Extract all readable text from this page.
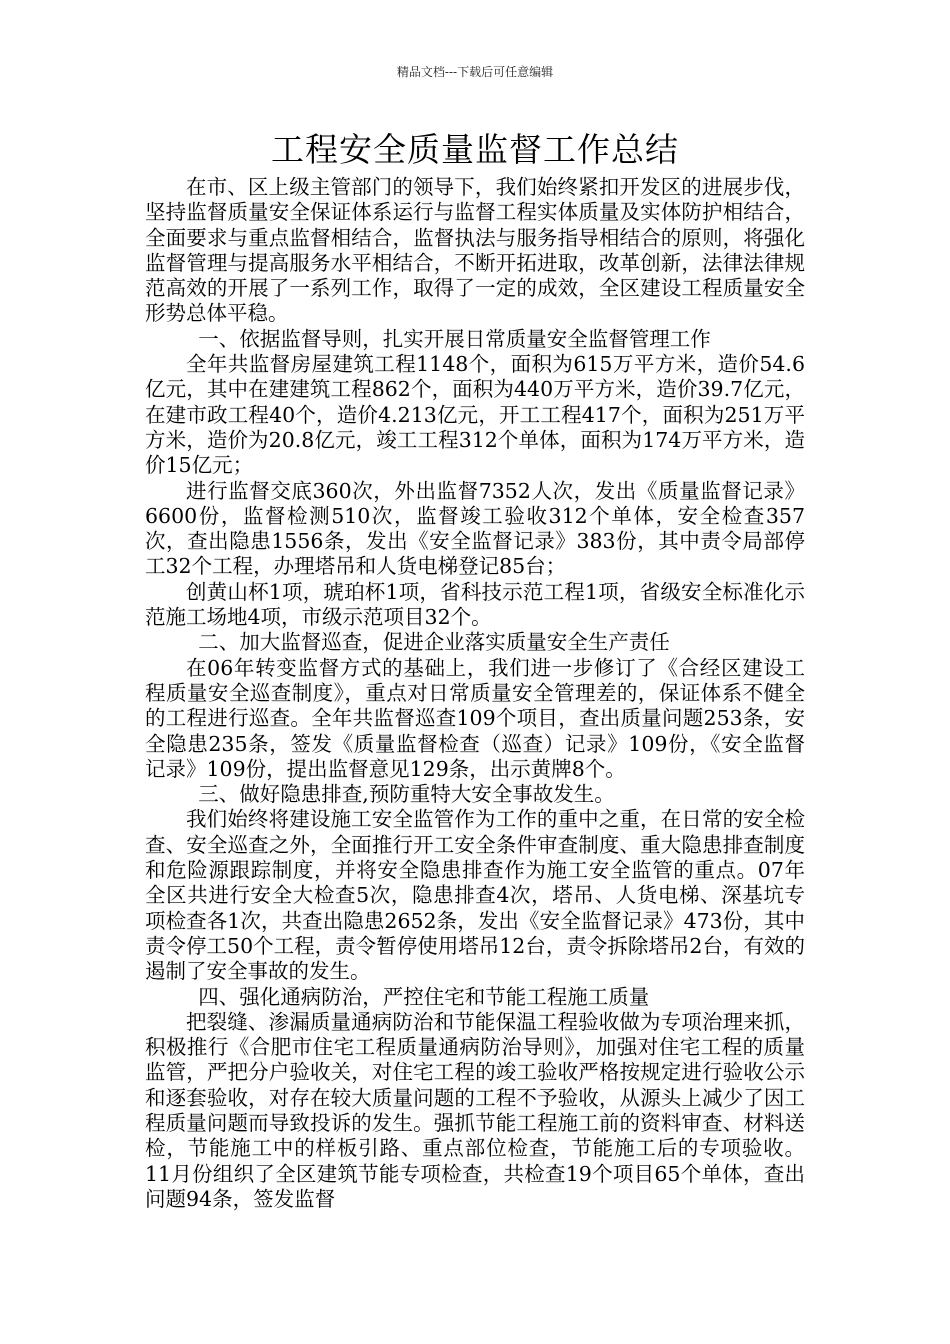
精品文档---下载后可任意编辑
工程安全质量监督工作总结

在市、区上级主管部门的领导下，我们始终紧扣开发区的进展步伐，坚持监督质量安全保证体系运行与监督工程实体质量及实体防护相结合，全面要求与重点监督相结合，监督执法与服务指导相结合的原则，将强化监督管理与提高服务水平相结合，不断开拓进取，改革创新，法律法律规范高效的开展了一系列工作，取得了一定的成效，全区建设工程质量安全形势总体平稳。

一、依据监督导则，扎实开展日常质量安全监督管理工作

全年共监督房屋建筑工程1148个，面积为615万平方米，造价54.6亿元，其中在建建筑工程862个，面积为440万平方米，造价39.7亿元，在建市政工程40个，造价4.213亿元，开工工程417个，面积为251万平方米，造价为20.8亿元，竣工工程312个单体，面积为174万平方米，造价15亿元；

进行监督交底360次，外出监督7352人次，发出《质量监督记录》6600份，监督检测510次，监督竣工验收312个单体，安全检查357次，查出隐患1556条，发出《安全监督记录》383份，其中责令局部停工32个工程，办理塔吊和人货电梯登记85台；

创黄山杯1项，琥珀杯1项，省科技示范工程1项，省级安全标准化示范施工场地4项，市级示范项目32个。

二、加大监督巡查，促进企业落实质量安全生产责任

在06年转变监督方式的基础上，我们进一步修订了《合经区建设工程质量安全巡查制度》，重点对日常质量安全管理差的，保证体系不健全的工程进行巡查。全年共监督巡查109个项目，查出质量问题253条，安全隐患235条，签发《质量监督检查（巡查）记录》109份，《安全监督记录》109份，提出监督意见129条，出示黄牌8个。

三、做好隐患排查,预防重特大安全事故发生。

我们始终将建设施工安全监管作为工作的重中之重，在日常的安全检查、安全巡查之外，全面推行开工安全条件审查制度、重大隐患排查制度和危险源跟踪制度，并将安全隐患排查作为施工安全监管的重点。07年全区共进行安全大检查5次，隐患排查4次，塔吊、人货电梯、深基坑专项检查各1次，共查出隐患2652条，发出《安全监督记录》473份，其中责令停工50个工程，责令暂停使用塔吊12台，责令拆除塔吊2台，有效的遏制了安全事故的发生。

四、强化通病防治，严控住宅和节能工程施工质量

把裂缝、渗漏质量通病防治和节能保温工程验收做为专项治理来抓，积极推行《合肥市住宅工程质量通病防治导则》，加强对住宅工程的质量监管，严把分户验收关，对住宅工程的竣工验收严格按规定进行验收公示和逐套验收，对存在较大质量问题的工程不予验收，从源头上减少了因工程质量问题而导致投诉的发生。强抓节能工程施工前的资料审查、材料送检，节能施工中的样板引路、重点部位检查，节能施工后的专项验收。11月份组织了全区建筑节能专项检查，共检查19个项目65个单体，查出问题94条，签发监督
